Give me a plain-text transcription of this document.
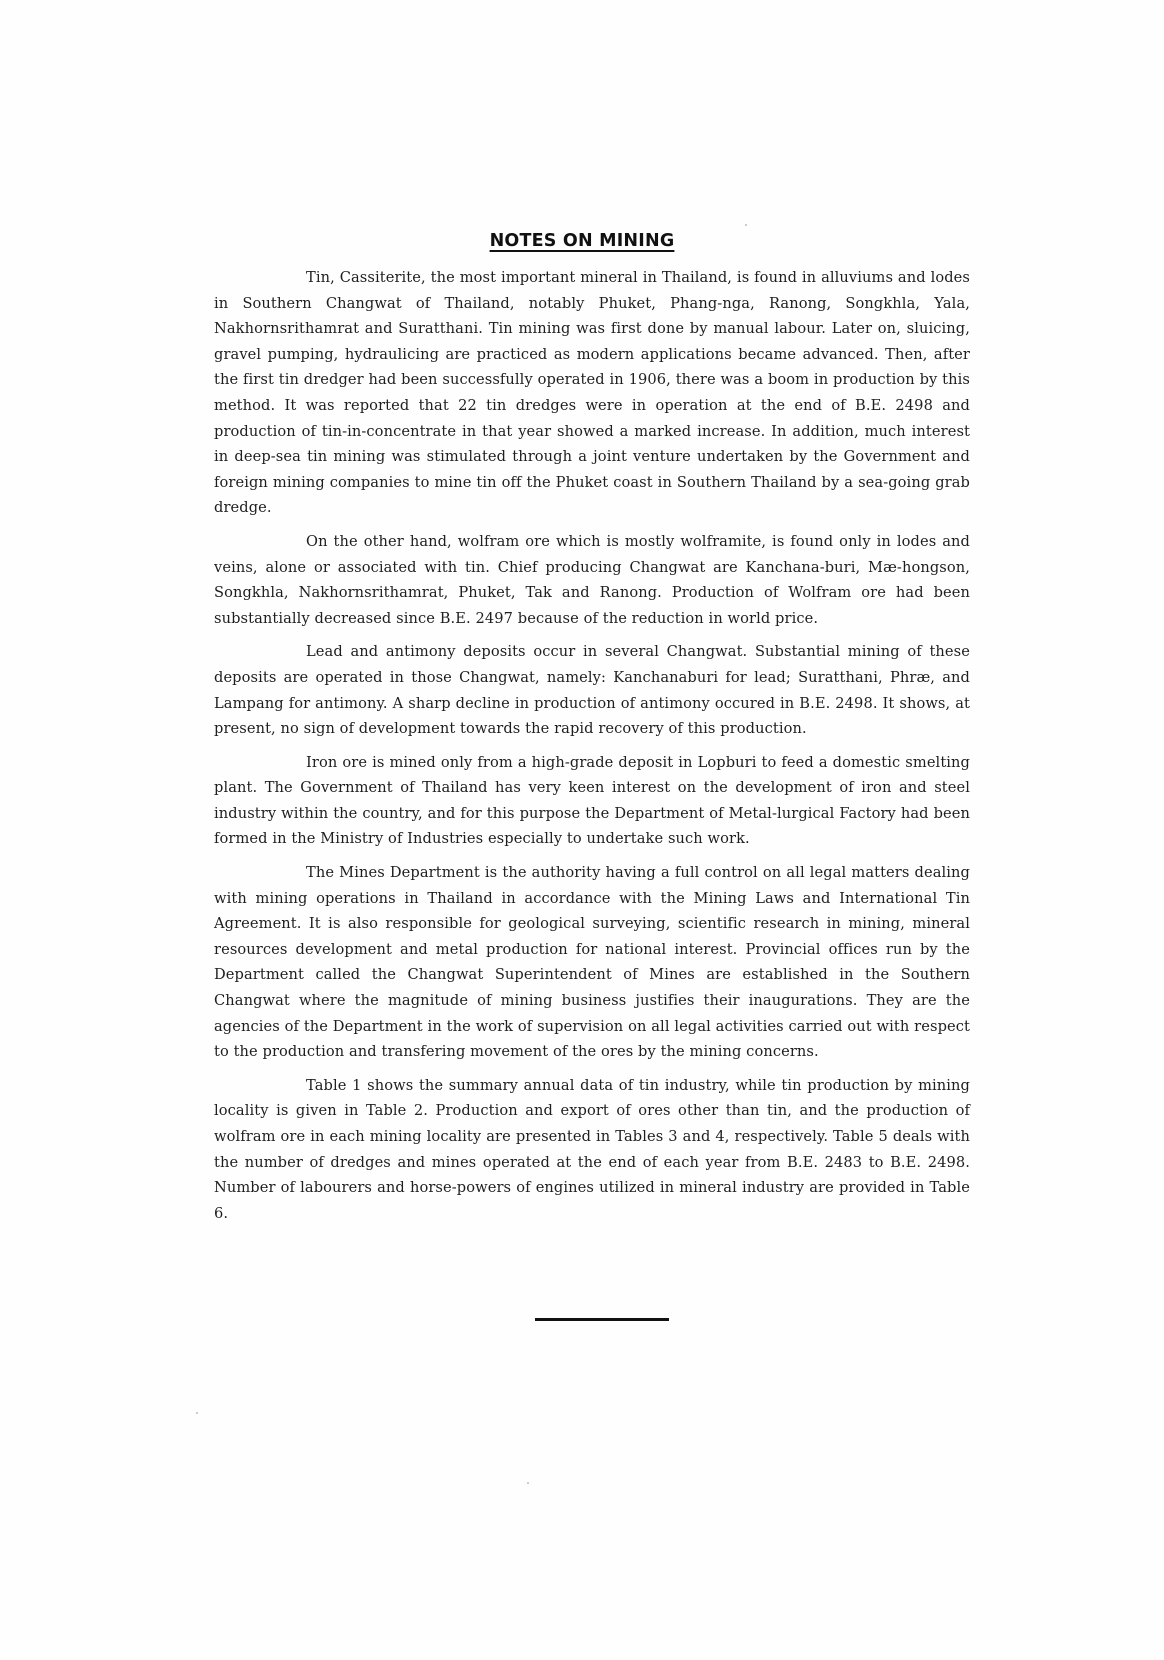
NOTES ON MINING

Tin, Cassiterite, the most important mineral in Thailand, is found in alluviums and lodes in Southern Changwat of Thailand, notably Phuket, Phang-nga, Ranong, Songkhla, Yala, Nakhornsrithamrat and Suratthani. Tin mining was first done by manual labour. Later on, sluicing, gravel pumping, hydraulicing are practiced as modern applications became advanced. Then, after the first tin dredger had been successfully operated in 1906, there was a boom in production by this method. It was reported that 22 tin dredges were in operation at the end of B.E. 2498 and production of tin-in-concentrate in that year showed a marked increase. In addition, much interest in deep-sea tin mining was stimulated through a joint venture undertaken by the Government and foreign mining companies to mine tin off the Phuket coast in Southern Thailand by a sea-going grab dredge.

On the other hand, wolfram ore which is mostly wolframite, is found only in lodes and veins, alone or associated with tin. Chief producing Changwat are Kanchana-buri, Mæ-hongson, Songkhla, Nakhornsrithamrat, Phuket, Tak and Ranong. Production of Wolfram ore had been substantially decreased since B.E. 2497 because of the reduction in world price.

Lead and antimony deposits occur in several Changwat. Substantial mining of these deposits are operated in those Changwat, namely: Kanchanaburi for lead; Suratthani, Phræ, and Lampang for antimony. A sharp decline in production of antimony occured in B.E. 2498. It shows, at present, no sign of development towards the rapid recovery of this production.

Iron ore is mined only from a high-grade deposit in Lopburi to feed a domestic smelting plant. The Government of Thailand has very keen interest on the development of iron and steel industry within the country, and for this purpose the Department of Metal-lurgical Factory had been formed in the Ministry of Industries especially to undertake such work.

The Mines Department is the authority having a full control on all legal matters dealing with mining operations in Thailand in accordance with the Mining Laws and International Tin Agreement. It is also responsible for geological surveying, scientific research in mining, mineral resources development and metal production for national interest. Provincial offices run by the Department called the Changwat Superintendent of Mines are established in the Southern Changwat where the magnitude of mining business justifies their inaugurations. They are the agencies of the Department in the work of supervision on all legal activities carried out with respect to the production and transfering movement of the ores by the mining concerns.

Table 1 shows the summary annual data of tin industry, while tin production by mining locality is given in Table 2. Production and export of ores other than tin, and the production of wolfram ore in each mining locality are presented in Tables 3 and 4, respectively. Table 5 deals with the number of dredges and mines operated at the end of each year from B.E. 2483 to B.E. 2498. Number of labourers and horse-powers of engines utilized in mineral industry are provided in Table 6.
